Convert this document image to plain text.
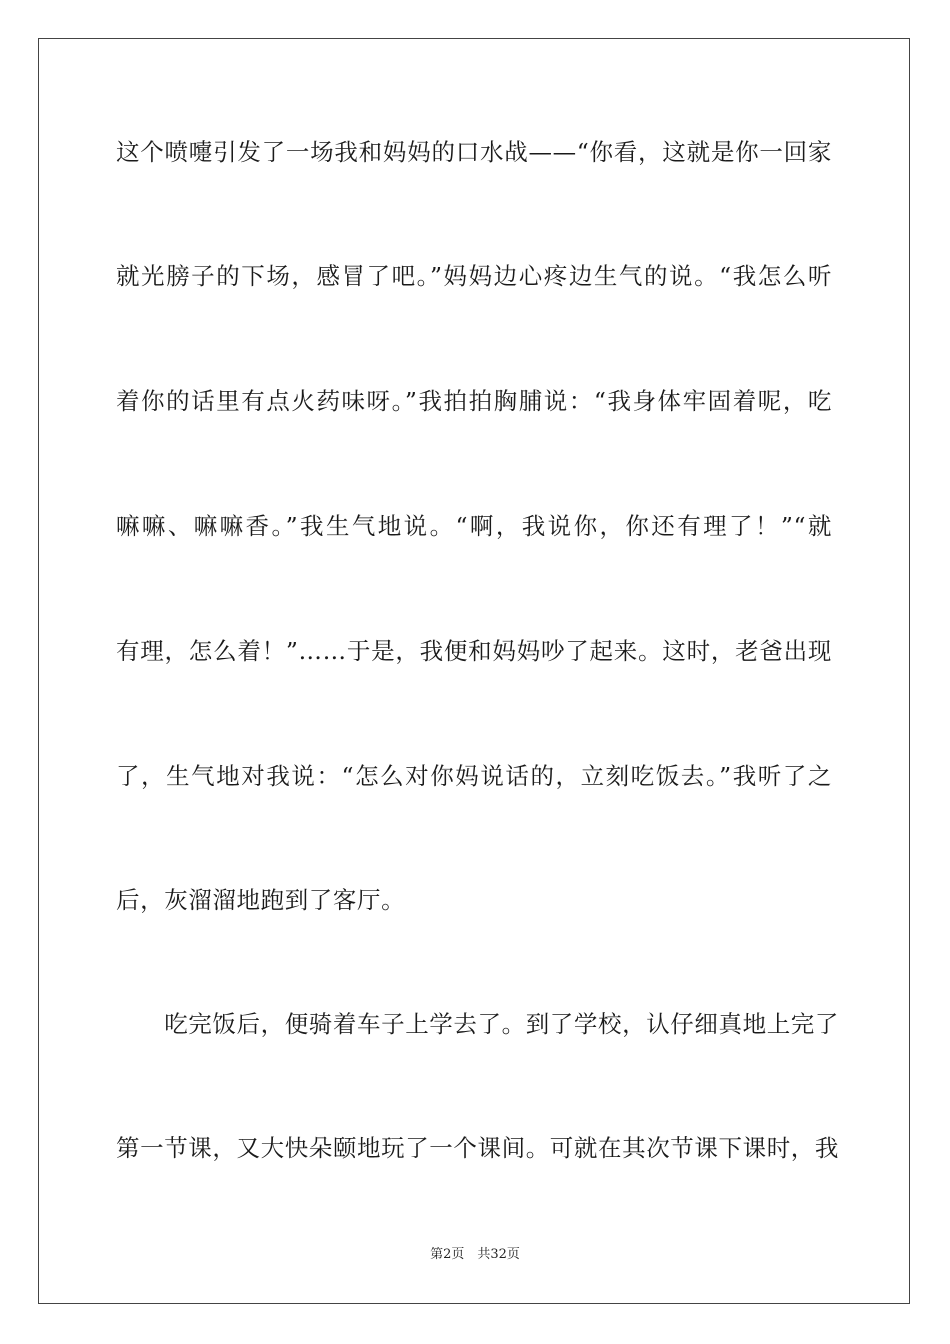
这个喷嚏引发了一场我和妈妈的口水战——“你看，这就是你一回家
就光膀子的下场，感冒了吧。”妈妈边心疼边生气的说。“我怎么听
着你的话里有点火药味呀。”我拍拍胸脯说：“我身体牢固着呢，吃
嘛嘛、嘛嘛香。”我生气地说。“啊，我说你，你还有理了！”“就
有理，怎么着！”……于是，我便和妈妈吵了起来。这时，老爸出现
了，生气地对我说：“怎么对你妈说话的，立刻吃饭去。”我听了之
后，灰溜溜地跑到了客厅。
　　吃完饭后，便骑着车子上学去了。到了学校，认仔细真地上完了
第一节课，又大快朵颐地玩了一个课间。可就在其次节课下课时，我
第2页　共32页
